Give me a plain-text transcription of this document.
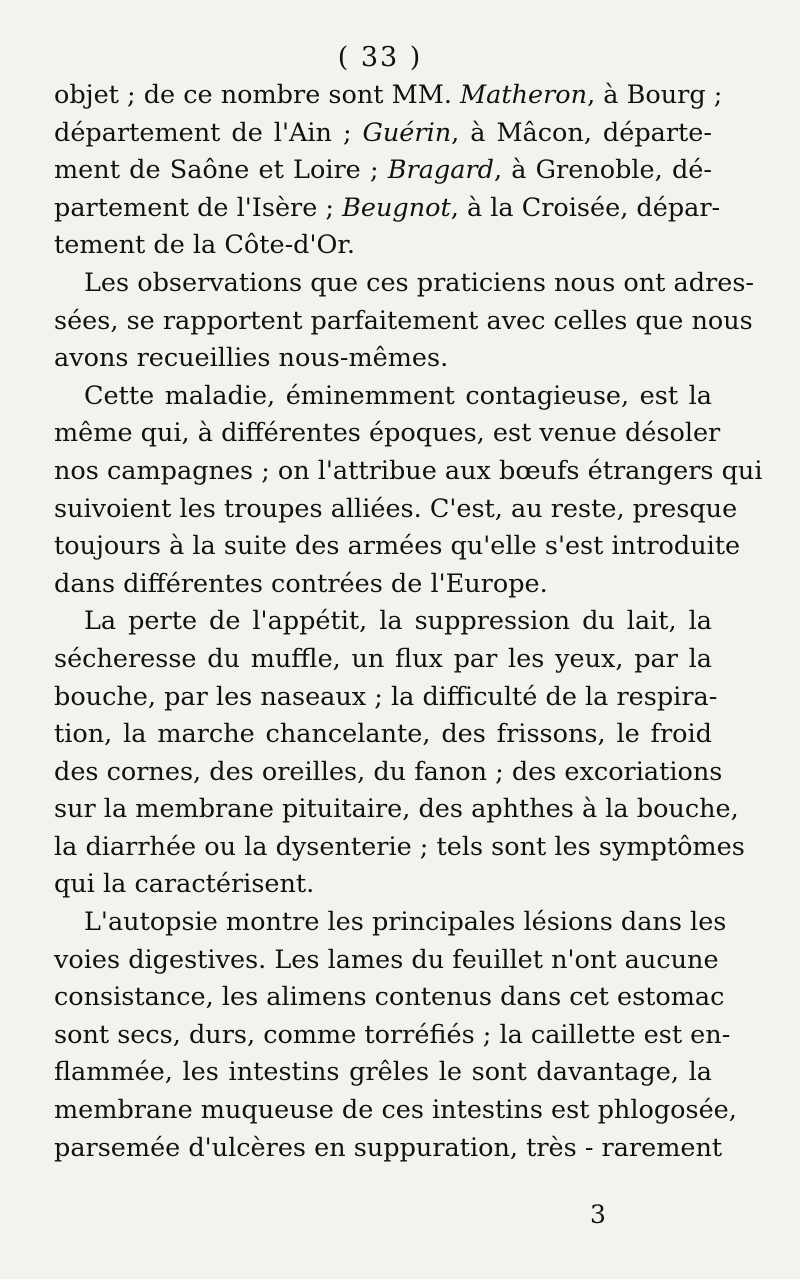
( 33 )
objet ; de ce nombre sont MM. Matheron, à Bourg ;
département de l'Ain ; Guérin, à Mâcon, départe-
ment de Saône et Loire ; Bragard, à Grenoble, dé-
partement de l'Isère ; Beugnot, à la Croisée, dépar-
tement de la Côte-d'Or.
Les observations que ces praticiens nous ont adres-
sées, se rapportent parfaitement avec celles que nous
avons recueillies nous-mêmes.
Cette maladie, éminemment contagieuse, est la
même qui, à différentes époques, est venue désoler
nos campagnes ; on l'attribue aux bœufs étrangers qui
suivoient les troupes alliées. C'est, au reste, presque
toujours à la suite des armées qu'elle s'est introduite
dans différentes contrées de l'Europe.
La perte de l'appétit, la suppression du lait, la
sécheresse du muffle, un flux par les yeux, par la
bouche, par les naseaux ; la difficulté de la respira-
tion, la marche chancelante, des frissons, le froid
des cornes, des oreilles, du fanon ; des excoriations
sur la membrane pituitaire, des aphthes à la bouche,
la diarrhée ou la dysenterie ; tels sont les symptômes
qui la caractérisent.
L'autopsie montre les principales lésions dans les
voies digestives. Les lames du feuillet n'ont aucune
consistance, les alimens contenus dans cet estomac
sont secs, durs, comme torréfiés ; la caillette est en-
flammée, les intestins grêles le sont davantage, la
membrane muqueuse de ces intestins est phlogosée,
parsemée d'ulcères en suppuration, très - rarement
3
